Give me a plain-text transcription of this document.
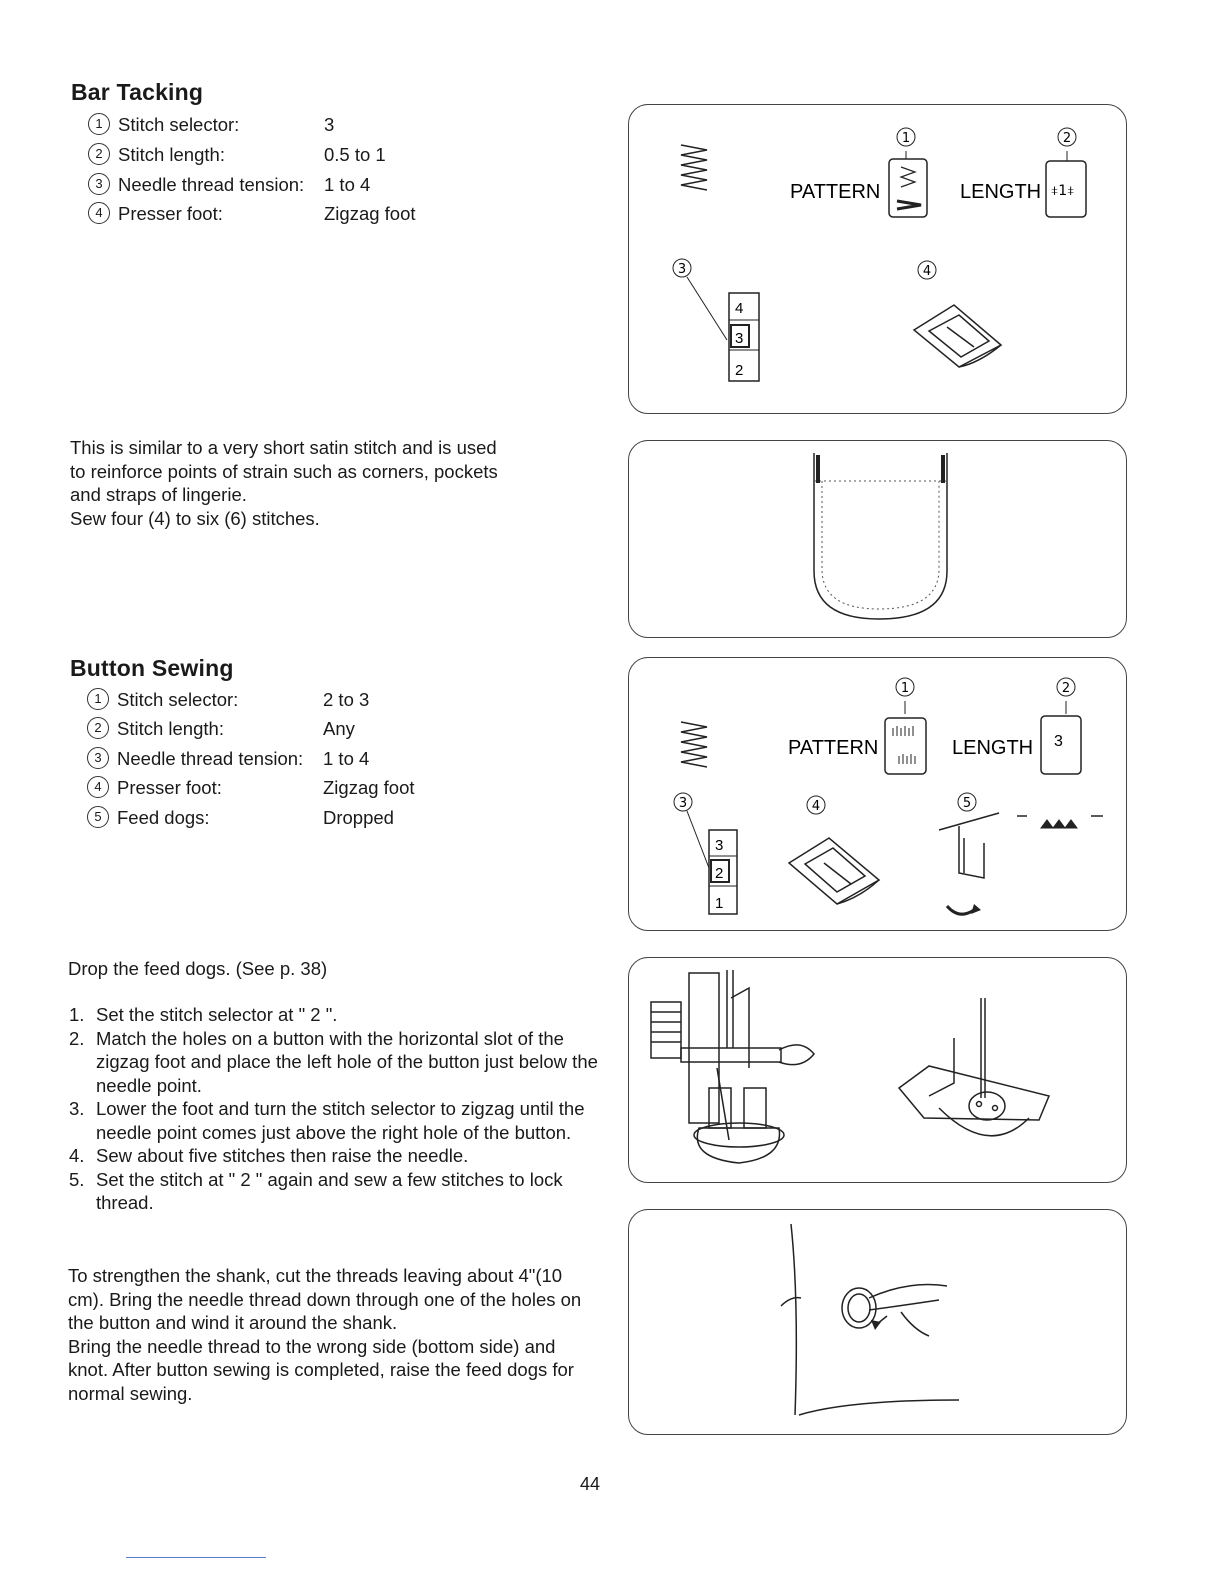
Bar Tacking
1 Stitch selector:	3
2 Stitch length:	0.5 to 1
3 Needle thread tension: 1 to 4
4 Presser foot:	Zigzag foot

This is similar to a very short satin stitch and is used

to reinforce points of strain such as corners, pockets

and straps of lingerie.

Sew four (4) to six (6) stitches.

1
PATTERN
2
LENGTH ⧧1⧧
3
4
3
2
4
Button Sewing
1 Stitch selector:	2 to 3
2 Stitch length:	Any
3 Needle thread tension: 1 to 4
4 Presser foot:	Zigzag foot
5 Feed dogs:	Dropped
Drop the feed dogs. (See p. 38)
1. Set the stitch selector at " 2 ".
2. Match the holes on a button with the horizontal slot of the zigzag foot and place the left hole of the button just below the needle point.
3. Lower the foot and turn the stitch selector to zigzag until the needle point comes just above the right hole of the button.
4. Sew about five stitches then raise the needle.
5. Set the stitch at " 2 " again and sew a few stitches to lock thread.

To strengthen the shank, cut the threads leaving about 4"(10

cm). Bring the needle thread down through one of the holes on

the button and wind it around the shank.

Bring the needle thread to the wrong side (bottom side) and

knot. After button sewing is completed, raise the feed dogs for

normal sewing.

1
PATTERN
2
LENGTH 3
3
3
2
1
4	5
44
